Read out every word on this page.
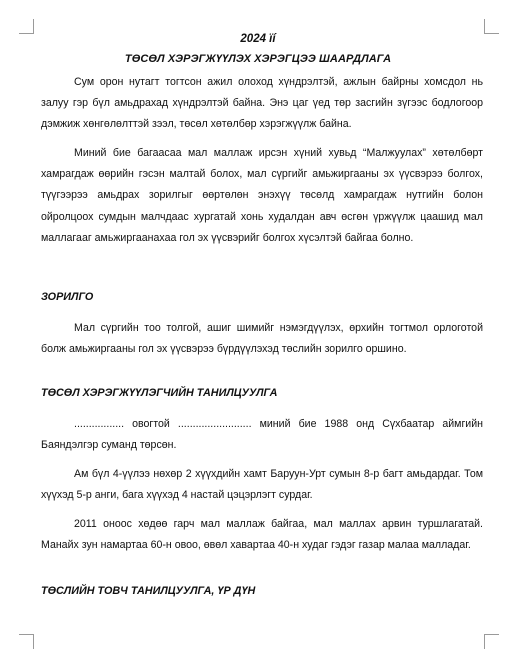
2024 ïí
ТӨСӨЛ ХЭРЭГЖҮҮЛЭХ ХЭРЭГЦЭЭ ШААРДЛАГА

Сум орон нутагт тогтсон ажил олоход хүндрэлтэй, ажлын байрны хомсдол нь залуу гэр бүл амьдрахад хүндрэлтэй байна. Энэ цаг үед төр засгийн зүгээс бодлогоор дэмжиж хөнгөлөлттэй зээл, төсөл хөтөлбөр хэрэгжүүлж байна.

Миний бие багаасаа мал маллаж ирсэн хүний хувьд “Малжуулах” хөтөлбөрт хамрагдаж өөрийн гэсэн малтай болох, мал сүргийг амьжиргааны эх үүсвэрээ болгох, түүгээрээ амьдрах зорилгыг өөртөлөн энэхүү төсөлд хамрагдаж нутгийн болон ойролцоох сумдын малчдаас хургатай хонь худалдан авч өсгөн үржүүлж цаашид мал маллагааг амьжиргаанахаа гол эх үүсвэрийг болгох хүсэлтэй байгаа болно.

ЗОРИЛГО

Мал сүргийн тоо толгой, ашиг шимийг нэмэгдүүлэх, өрхийн тогтмол орлоготой болж амьжиргааны гол эх үүсвэрээ бүрдүүлэхэд төслийн зорилго оршино.

ТӨСӨЛ ХЭРЭГЖҮҮЛЭГЧИЙН ТАНИЛЦУУЛГА

................. овогтой ......................... миний бие 1988 онд Сүхбаатар аймгийн Баяндэлгэр суманд төрсөн.

Ам бүл 4-үүлээ нөхөр 2 хүүхдийн хамт Баруун-Урт сумын 8-р багт амьдардаг. Том хүүхэд 5-р анги, бага хүүхэд 4 настай цэцэрлэгт сурдаг.

2011 оноос хөдөө гарч мал маллаж байгаа, мал маллах арвин туршлагатай. Манайх зун намартаа 60-н овоо, өвөл хавартаа 40-н худаг гэдэг газар малаа малладаг.

ТӨСЛИЙН ТОВЧ ТАНИЛЦУУЛГА, ҮР ДҮН
